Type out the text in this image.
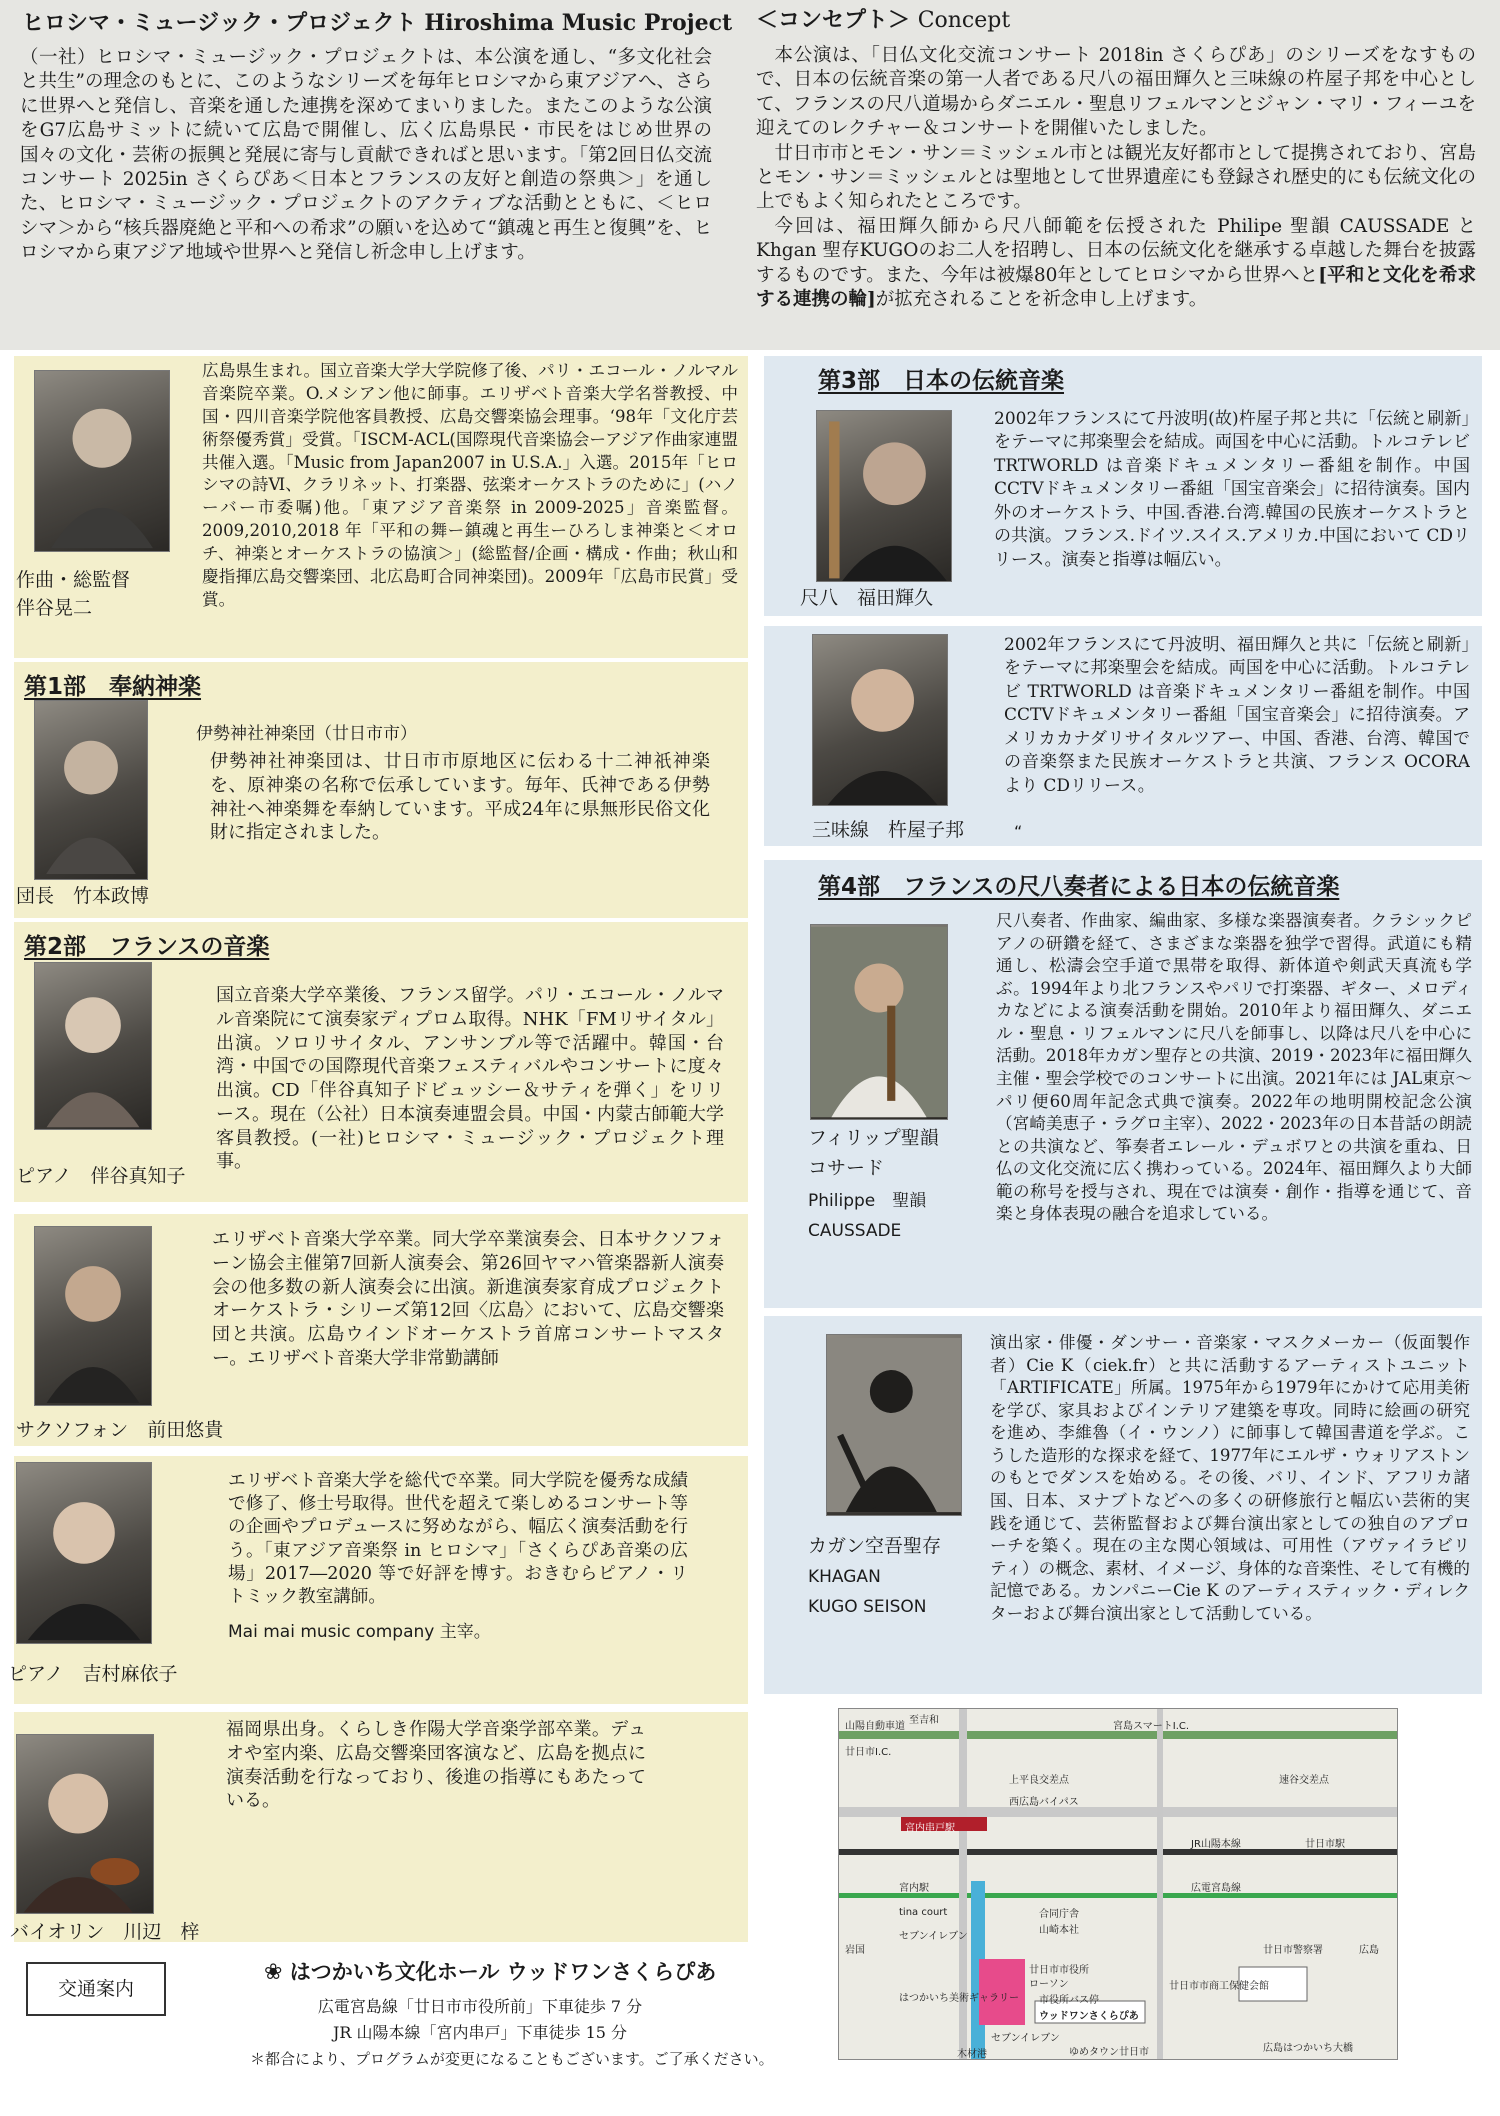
ヒロシマ・ミュージック・プロジェクト Hiroshima Music Project
（一社）ヒロシマ・ミュージック・プロジェクトは、本公演を通し、“多文化社会と共生”の理念のもとに、このようなシリーズを毎年ヒロシマから東アジアへ、さらに世界へと発信し、音楽を通した連携を深めてまいりました。またこのような公演をG7広島サミットに続いて広島で開催し、広く広島県民・市民をはじめ世界の国々の文化・芸術の振興と発展に寄与し貢献できればと思います。「第2回日仏交流コンサート 2025in さくらぴあ＜日本とフランスの友好と創造の祭典＞」を通した、ヒロシマ・ミュージック・プロジェクトのアクティブな活動とともに、＜ヒロシマ＞から“核兵器廃絶と平和への希求”の願いを込めて“鎮魂と再生と復興”を、ヒロシマから東アジア地域や世界へと発信し祈念申し上げます。
＜コンセプト＞ Concept
本公演は、「日仏文化交流コンサート 2018in さくらぴあ」のシリーズをなすもので、日本の伝統音楽の第一人者である尺八の福田輝久と三味線の杵屋子邦を中心として、フランスの尺八道場からダニエル・聖息リフェルマンとジャン・マリ・フィーユを迎えてのレクチャー＆コンサートを開催いたしました。
廿日市市とモン・サン＝ミッシェル市とは観光友好都市として提携されており、宮島とモン・サン＝ミッシェルとは聖地として世界遺産にも登録され歴史的にも伝統文化の上でもよく知られたところです。
今回は、福田輝久師から尺八師範を伝授された Philipe 聖韻 CAUSSADE と Khgan 聖存KUGOのお二人を招聘し、日本の伝統文化を継承する卓越した舞台を披露するものです。また、今年は被爆80年としてヒロシマから世界へと[平和と文化を希求する連携の輪]が拡充されることを祈念申し上げます。
作曲・総監督
伴谷晃二
広島県生まれ。国立音楽大学大学院修了後、パリ・エコール・ノルマル音楽院卒業。O.メシアン他に師事。エリザベト音楽大学名誉教授、中国・四川音楽学院他客員教授、広島交響楽協会理事。‘98年「文化庁芸術祭優秀賞」受賞。「ISCM-ACL(国際現代音楽協会ーアジア作曲家連盟共催入選。「Music from Japan2007 in U.S.A.」入選。2015年「ヒロシマの詩Ⅵ、クラリネット、打楽器、弦楽オーケストラのために」(ハノーバー市委嘱)他。「東アジア音楽祭 in 2009-2025」音楽監督。2009,2010,2018 年「平和の舞ー鎮魂と再生ーひろしま神楽と＜オロチ、神楽とオーケストラの協演＞」(総監督/企画・構成・作曲；秋山和慶指揮広島交響楽団、北広島町合同神楽団)。2009年「広島市民賞」受賞。
第1部　奉納神楽
団長　竹本政博
伊勢神社神楽団（廿日市市）
伊勢神社神楽団は、廿日市市原地区に伝わる十二神祇神楽を、原神楽の名称で伝承しています。毎年、氏神である伊勢神社へ神楽舞を奉納しています。平成24年に県無形民俗文化財に指定されました。
第2部　フランスの音楽
ピアノ　伴谷真知子
国立音楽大学卒業後、フランス留学。パリ・エコール・ノルマル音楽院にて演奏家ディプロム取得。NHK「FMリサイタル」出演。ソロリサイタル、アンサンブル等で活躍中。韓国・台湾・中国での国際現代音楽フェスティバルやコンサートに度々出演。CD「伴谷真知子ドビュッシー＆サティを弾く」をリリース。現在（公社）日本演奏連盟会員。中国・内蒙古師範大学客員教授。(一社)ヒロシマ・ミュージック・プロジェクト理事。
サクソフォン　前田悠貴
エリザベト音楽大学卒業。同大学卒業演奏会、日本サクソフォーン協会主催第7回新人演奏会、第26回ヤマハ管楽器新人演奏会の他多数の新人演奏会に出演。新進演奏家育成プロジェクト オーケストラ・シリーズ第12回〈広島〉において、広島交響楽団と共演。広島ウインドオーケストラ首席コンサートマスター。エリザベト音楽大学非常勤講師
ピアノ　吉村麻依子
エリザベト音楽大学を総代で卒業。同大学院を優秀な成績で修了、修士号取得。世代を超えて楽しめるコンサート等の企画やプロデュースに努めながら、幅広く演奏活動を行う。「東アジア音楽祭 in ヒロシマ」「さくらぴあ音楽の広場」2017―2020 等で好評を博す。おきむらピアノ・リトミック教室講師。
Mai mai music company 主宰。
バイオリン　川辺　梓
福岡県出身。くらしき作陽大学音楽学部卒業。デュオや室内楽、広島交響楽団客演など、広島を拠点に演奏活動を行なっており、後進の指導にもあたっている。
第3部　日本の伝統音楽
尺八　福田輝久
2002年フランスにて丹波明(故)杵屋子邦と共に「伝統と刷新」をテーマに邦楽聖会を結成。両国を中心に活動。トルコテレビ TRTWORLD は音楽ドキュメンタリー番組を制作。中国 CCTVドキュメンタリー番組「国宝音楽会」に招待演奏。国内外のオーケストラ、中国.香港.台湾.韓国の民族オーケストラとの共演。フランス.ドイツ.スイス.アメリカ.中国において CDリリース。演奏と指導は幅広い。
三味線　杵屋子邦	“
2002年フランスにて丹波明、福田輝久と共に「伝統と刷新」をテーマに邦楽聖会を結成。両国を中心に活動。トルコテレビ TRTWORLD は音楽ドキュメンタリー番組を制作。中国 CCTVドキュメンタリー番組「国宝音楽会」に招待演奏。アメリカカナダリサイタルツアー、中国、香港、台湾、韓国での音楽祭また民族オーケストラと共演、フランス OCORA より CDリリース。
第4部　フランスの尺八奏者による日本の伝統音楽
フィリップ聖韻
コサード
Philippe　聖韻
CAUSSADE
尺八奏者、作曲家、編曲家、多様な楽器演奏者。クラシックピアノの研鑽を経て、さまざまな楽器を独学で習得。武道にも精通し、松濤会空手道で黒帯を取得、新体道や剣武天真流も学ぶ。1994年より北フランスやパリで打楽器、ギター、メロディカなどによる演奏活動を開始。2010年より福田輝久、ダニエル・聖息・リフェルマンに尺八を師事し、以降は尺八を中心に活動。2018年カガン聖存との共演、2019・2023年に福田輝久主催・聖会学校でのコンサートに出演。2021年には JAL東京〜パリ便60周年記念式典で演奏。2022年の地明開校記念公演（宮崎美恵子・ラグロ主宰）、2022・2023年の日本昔話の朗読との共演など、筝奏者エレール・デュボワとの共演を重ね、日仏の文化交流に広く携わっている。2024年、福田輝久より大師範の称号を授与され、現在では演奏・創作・指導を通じて、音楽と身体表現の融合を追求している。
カガン空吾聖存
KHAGAN
KUGO SEISON
演出家・俳優・ダンサー・音楽家・マスクメーカー（仮面製作者）Cie K（ciek.fr）と共に活動するアーティストユニット「ARTIFICATE」所属。1975年から1979年にかけて応用美術を学び、家具およびインテリア建築を専攻。同時に絵画の研究を進め、李維魯（イ・ウンノ）に師事して韓国書道を学ぶ。こうした造形的な探求を経て、1977年にエルザ・ウォリアストンのもとでダンスを始める。その後、バリ、インド、アフリカ諸国、日本、ヌナブトなどへの多くの研修旅行と幅広い芸術的実践を通じて、芸術監督および舞台演出家としての独自のアプローチを築く。現在の主な関心領域は、可用性（アヴァイラビリティ）の概念、素材、イメージ、身体的な音楽性、そして有機的記憶である。カンパニーCie K のアーティスティック・ディレクターおよび舞台演出家として活動している。
山陽自動車道
廿日市I.C.
宮島スマートI.C.
上平良交差点	速谷交差点
西広島バイパス
宮内串戸駅
JR山陽本線	廿日市駅
広電宮島線
宮内駅
tina court
セブンイレブン
合同庁舎
山崎本社
廿日市市役所
ローソン	廿日市市商工保健会館
ウッドワンさくらぴあ
はつかいち美術ギャラリー 市役所バス停
ゆめタウン廿日市	広島はつかいち大橋
廿日市警察署
セブンイレブン
岩国	広島
木材港
至吉和
交通案内
❀ はつかいち文化ホール ウッドワンさくらぴあ
広電宮島線「廿日市市役所前」下車徒歩 7 分
JR 山陽本線「宮内串戸」下車徒歩 15 分
＊都合により、プログラムが変更になることもございます。ご了承ください。
